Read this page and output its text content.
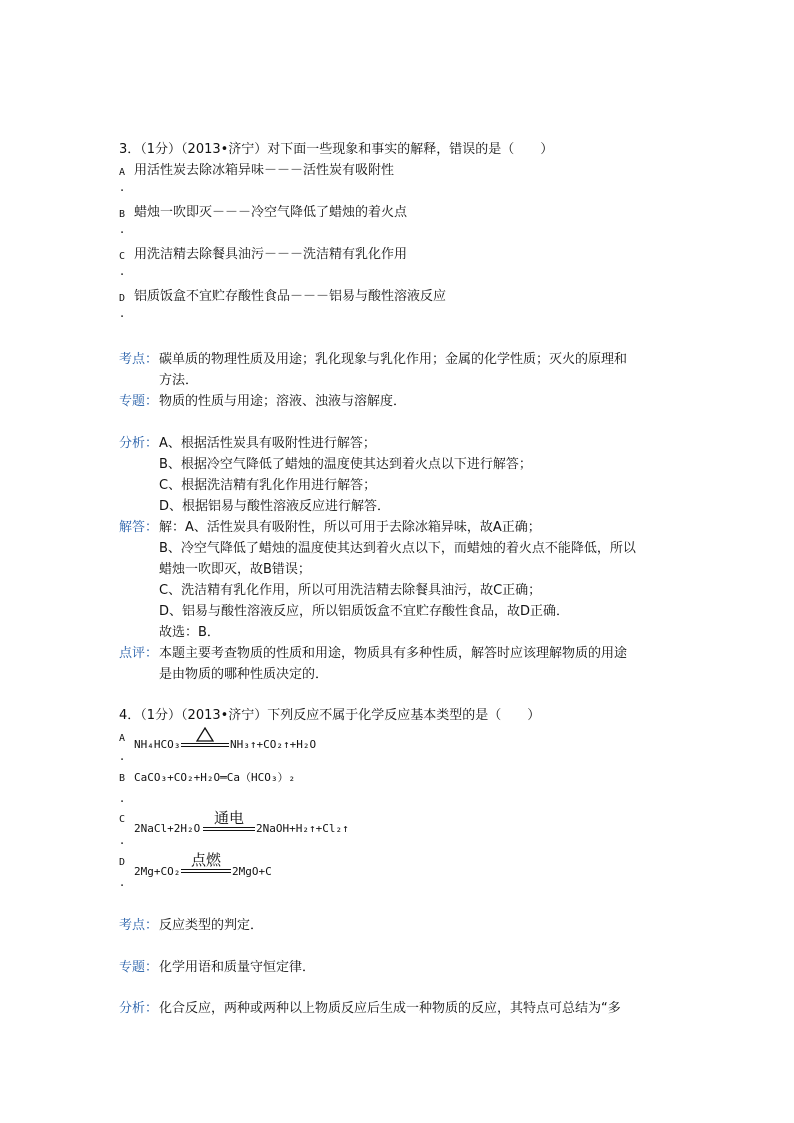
3．（1分）（2013•济宁）对下面一些现象和事实的解释，错误的是（　　）
A 用活性炭去除冰箱异味－－－活性炭有吸附性
.
B 蜡烛一吹即灭－－－冷空气降低了蜡烛的着火点
.
C 用洗洁精去除餐具油污－－－洗洁精有乳化作用
.
D 铝质饭盒不宜贮存酸性食品－－－铝易与酸性溶液反应
.
考点： 碳单质的物理性质及用途；乳化现象与乳化作用；金属的化学性质；灭火的原理和
方法．
专题： 物质的性质与用途；溶液、浊液与溶解度．
分析： A、根据活性炭具有吸附性进行解答；
B、根据冷空气降低了蜡烛的温度使其达到着火点以下进行解答；
C、根据洗洁精有乳化作用进行解答；
D、根据铝易与酸性溶液反应进行解答．
解答： 解：A、活性炭具有吸附性，所以可用于去除冰箱异味，故A正确；
B、冷空气降低了蜡烛的温度使其达到着火点以下，而蜡烛的着火点不能降低，所以
蜡烛一吹即灭，故B错误；
C、洗洁精有乳化作用，所以可用洗洁精去除餐具油污，故C正确；
D、铝易与酸性溶液反应，所以铝质饭盒不宜贮存酸性食品，故D正确．
故选：B．
点评： 本题主要考查物质的性质和用途，物质具有多种性质，解答时应该理解物质的用途
是由物质的哪种性质决定的．
4．（1分）（2013•济宁）下列反应不属于化学反应基本类型的是（　　）
A NH₄HCO₃
△
NH₃↑+CO₂↑+H₂O
.
B CaCO₃+CO₂+H₂O═Ca（HCO₃）₂
.
C
2NaCl+2H₂O
通电
2NaOH+H₂↑+Cl₂↑
.
D
2Mg+CO₂
点燃
2MgO+C
.
考点： 反应类型的判定．
专题： 化学用语和质量守恒定律．
分析： 化合反应，两种或两种以上物质反应后生成一种物质的反应，其特点可总结为“多
